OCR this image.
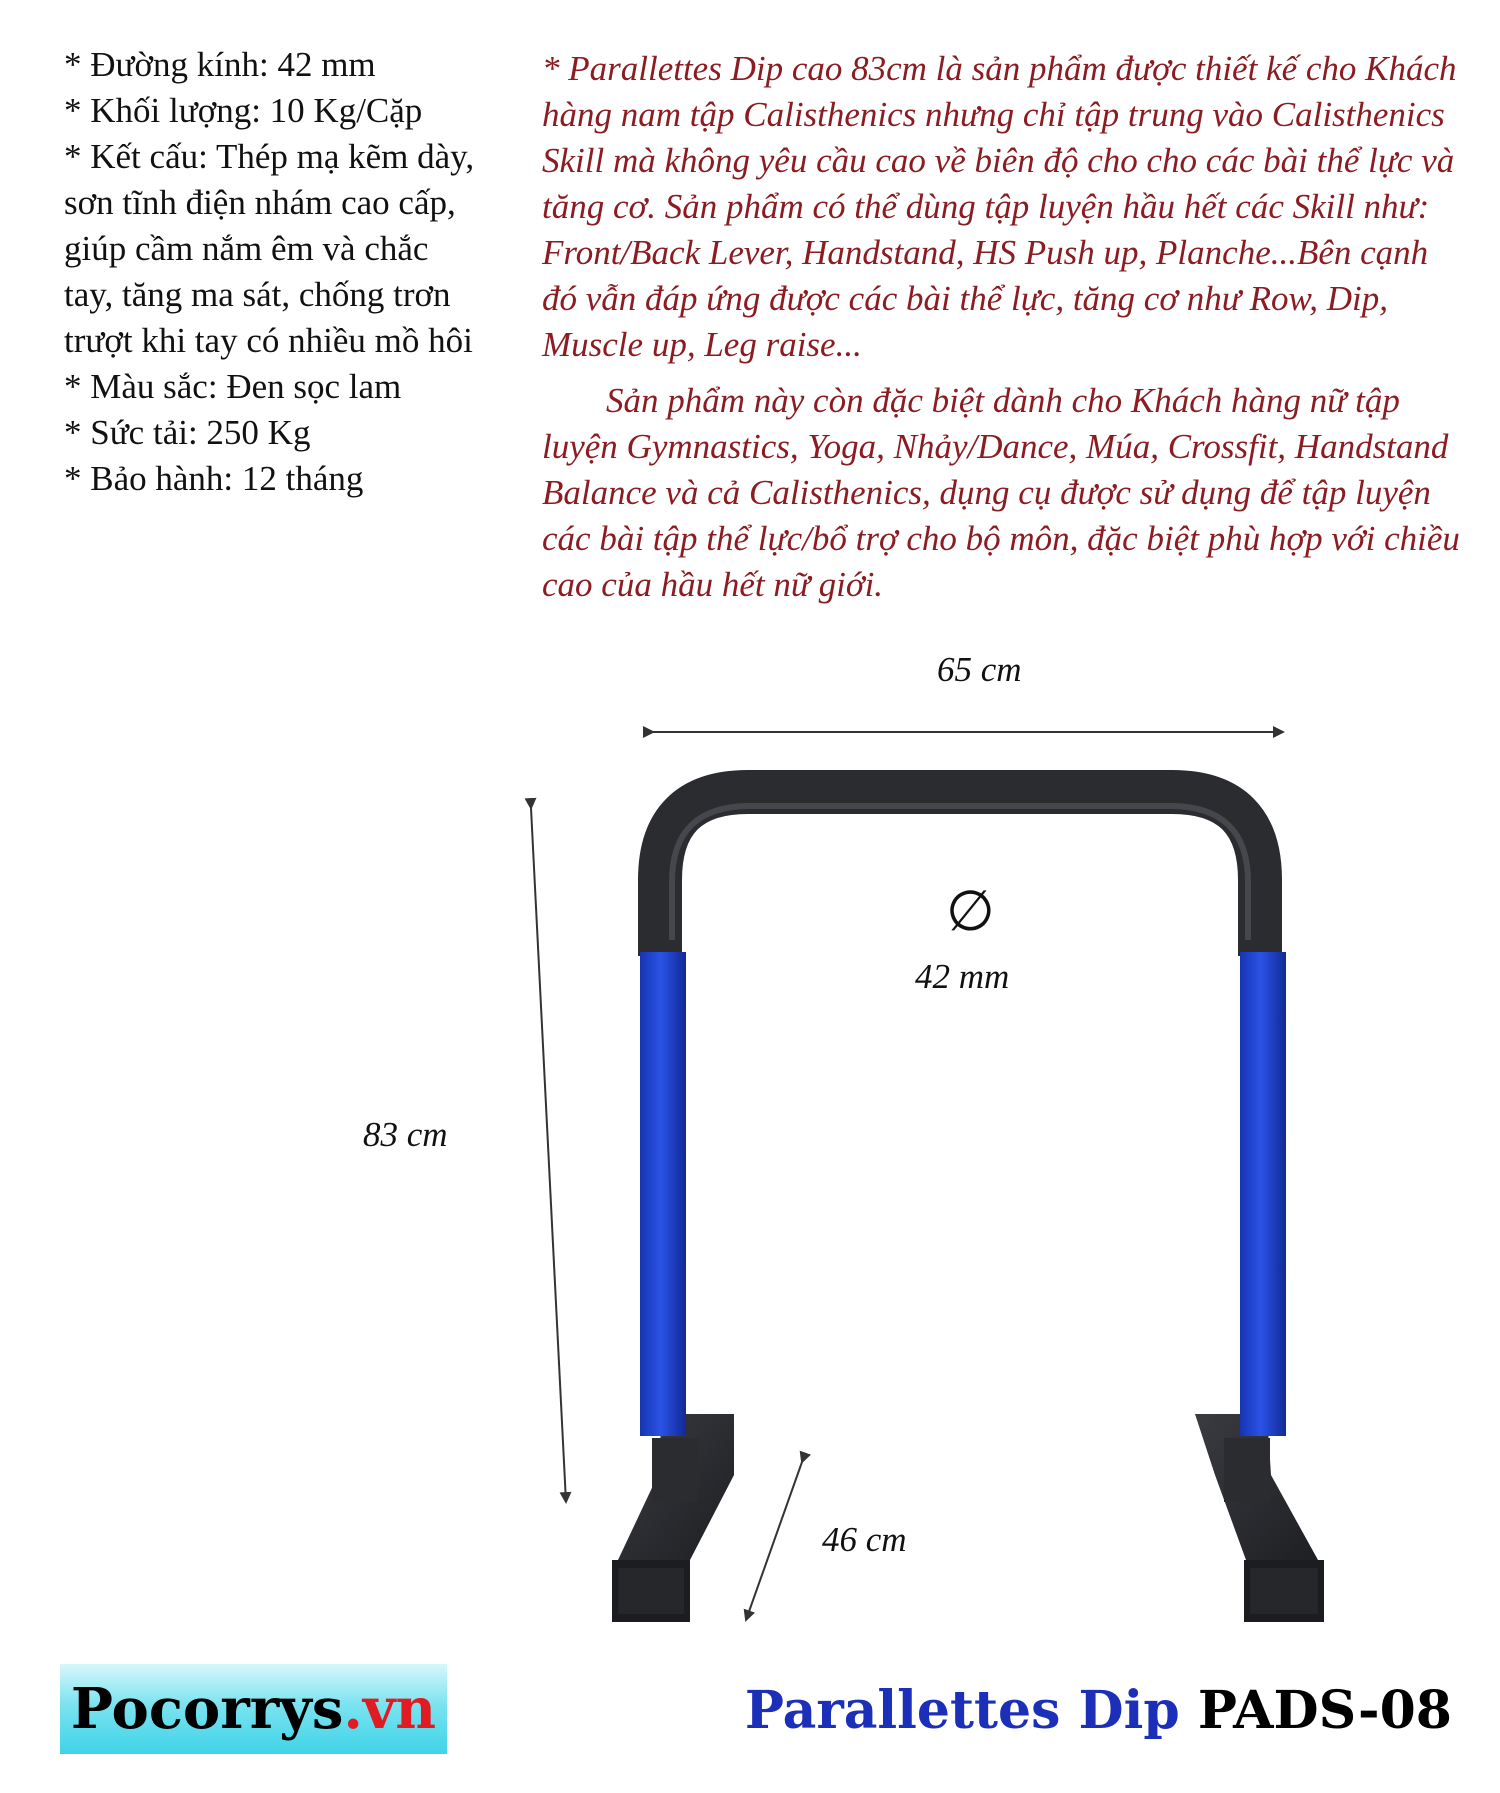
* Đường kính: 42 mm
* Khối lượng: 10 Kg/Cặp
* Kết cấu: Thép mạ kẽm dày, sơn tĩnh điện nhám cao cấp, giúp cầm nắm êm và chắc tay, tăng ma sát, chống trơn trượt khi tay có nhiều mồ hôi
* Màu sắc: Đen sọc lam
* Sức tải: 250 Kg
* Bảo hành: 12 tháng

* Parallettes Dip cao 83cm là sản phẩm được thiết kế cho Khách hàng nam tập Calisthenics nhưng chỉ tập trung vào Calisthenics Skill mà không yêu cầu cao về biên độ cho cho các bài thể lực và tăng cơ. Sản phẩm có thể dùng tập luyện hầu hết các Skill như: Front/Back Lever, Handstand, HS Push up, Planche...Bên cạnh đó vẫn đáp ứng được các bài thể lực, tăng cơ như Row, Dip, Muscle up, Leg raise...

Sản phẩm này còn đặc biệt dành cho Khách hàng nữ tập luyện Gymnastics, Yoga, Nhảy/Dance, Múa, Crossfit, Handstand Balance và cả Calisthenics, dụng cụ được sử dụng để tập luyện các bài tập thể lực/bổ trợ cho bộ môn, đặc biệt phù hợp với chiều cao của hầu hết nữ giới.

65 cm
83 cm
46 cm
∅
42 mm
Pocorrys .vn	Parallettes Dip PADS-08
